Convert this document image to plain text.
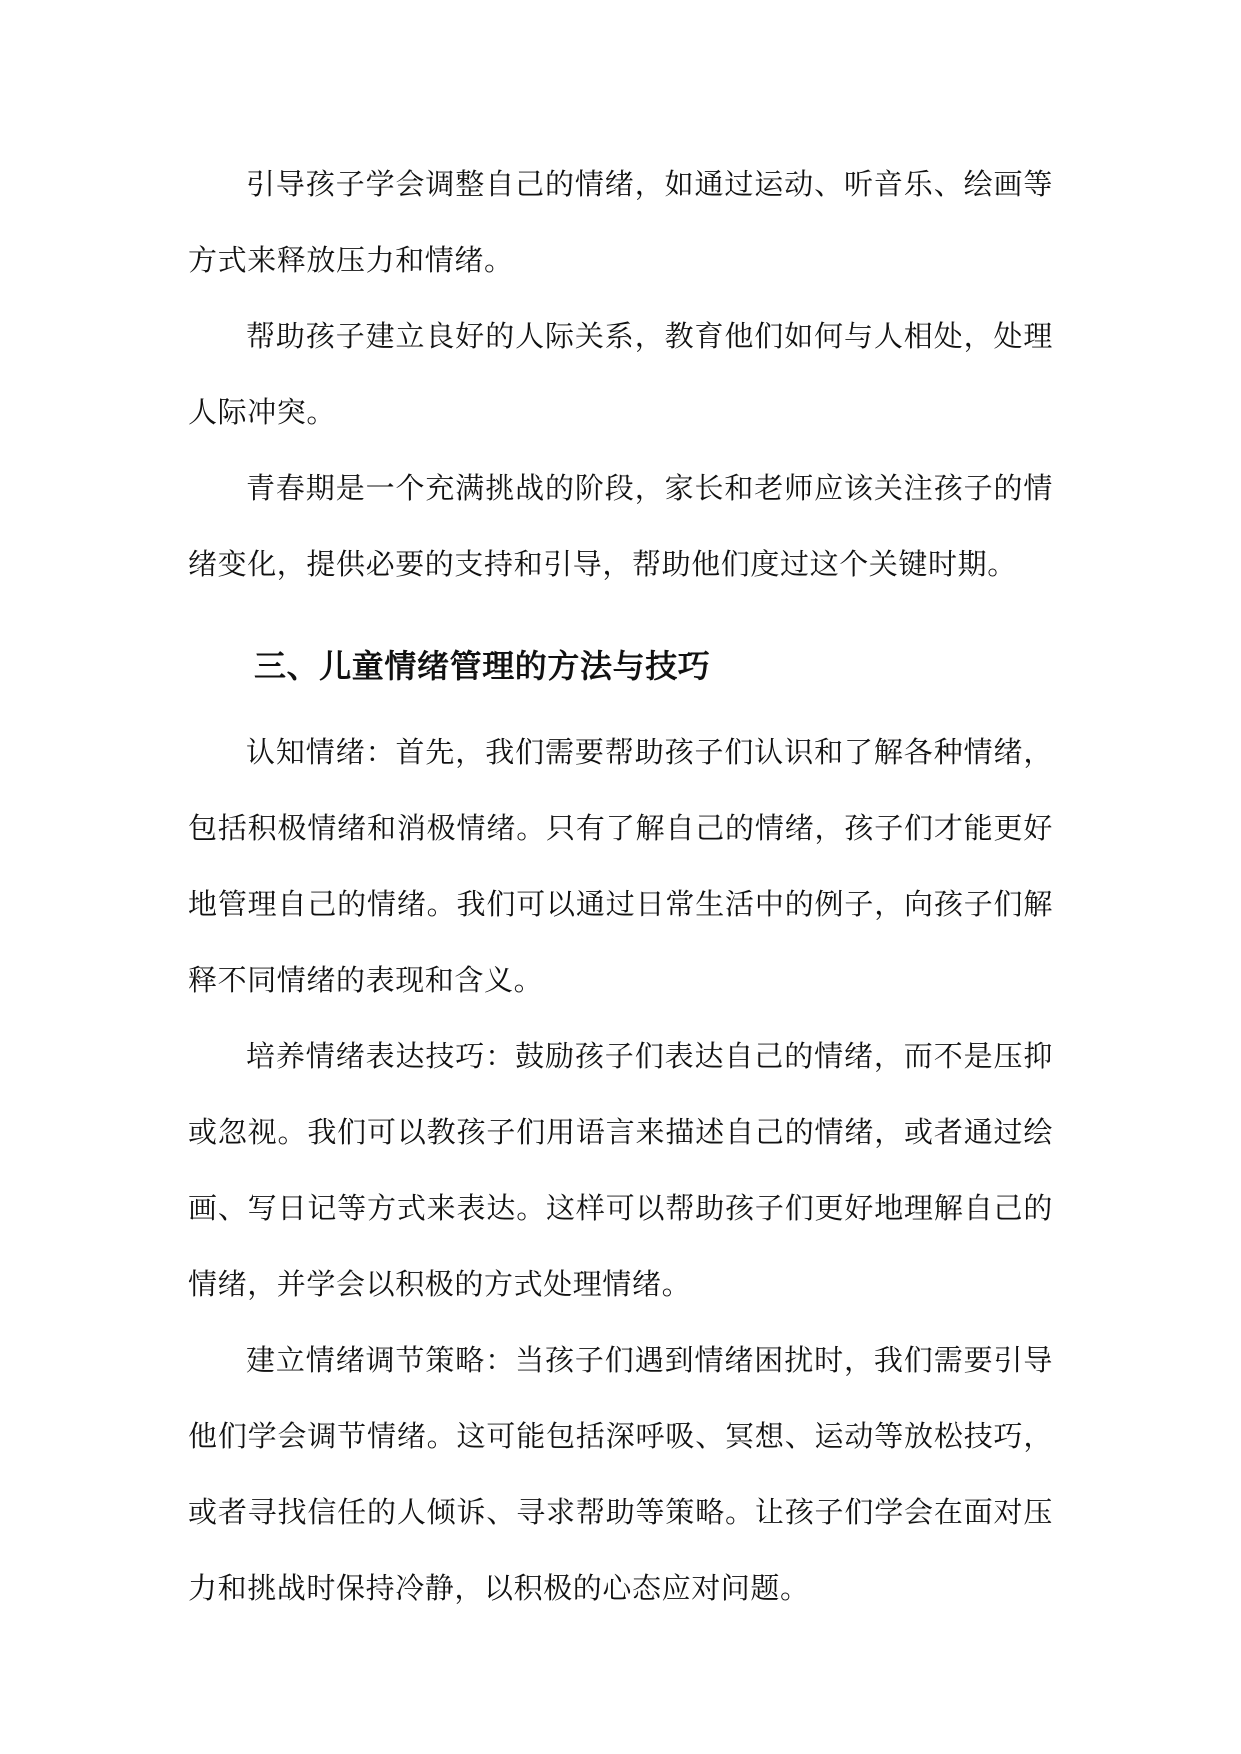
引导孩子学会调整自己的情绪，如通过运动、听音乐、绘画等方式来释放压力和情绪。

帮助孩子建立良好的人际关系，教育他们如何与人相处，处理人际冲突。

青春期是一个充满挑战的阶段，家长和老师应该关注孩子的情绪变化，提供必要的支持和引导，帮助他们度过这个关键时期。

三、儿童情绪管理的方法与技巧

认知情绪：首先，我们需要帮助孩子们认识和了解各种情绪，包括积极情绪和消极情绪。只有了解自己的情绪，孩子们才能更好地管理自己的情绪。我们可以通过日常生活中的例子，向孩子们解释不同情绪的表现和含义。

培养情绪表达技巧：鼓励孩子们表达自己的情绪，而不是压抑或忽视。我们可以教孩子们用语言来描述自己的情绪，或者通过绘画、写日记等方式来表达。这样可以帮助孩子们更好地理解自己的情绪，并学会以积极的方式处理情绪。

建立情绪调节策略：当孩子们遇到情绪困扰时，我们需要引导他们学会调节情绪。这可能包括深呼吸、冥想、运动等放松技巧，或者寻找信任的人倾诉、寻求帮助等策略。让孩子们学会在面对压力和挑战时保持冷静，以积极的心态应对问题。
